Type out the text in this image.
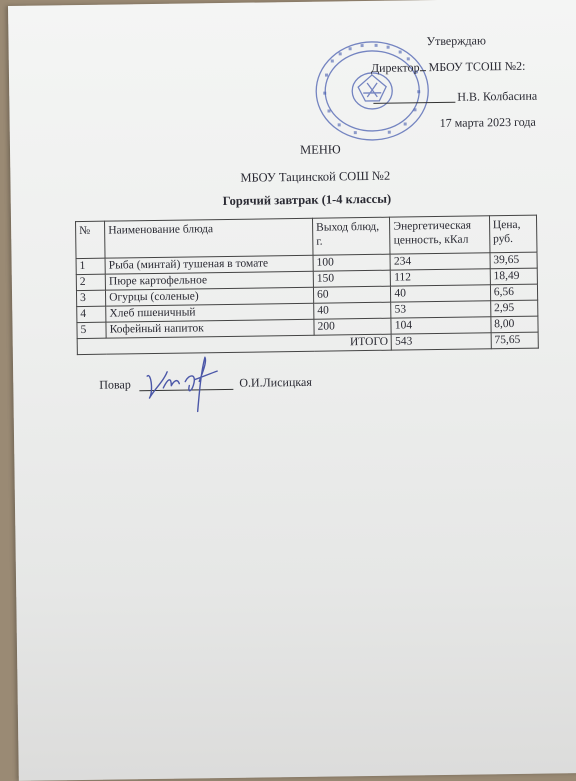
Утверждаю
Директор МБОУ ТСОШ №2:
Н.В. Колбасина
17 марта 2023 года
МЕНЮ
МБОУ Тацинской СОШ №2
Горячий завтрак (1-4 классы)
№	Наименование блюда	Выход блюд, г.	Энергетическая ценность, кКал	Цена, руб.
1	Рыба (минтай) тушеная в томате	100	234	39,65
2	Пюре картофельное	150	112	18,49
3	Огурцы (соленые)	60	40	6,56
4	Хлеб пшеничный	40	53	2,95
5	Кофейный напиток	200	104	8,00
ИТОГО			543	75,65
Повар	О.И.Лисицкая
